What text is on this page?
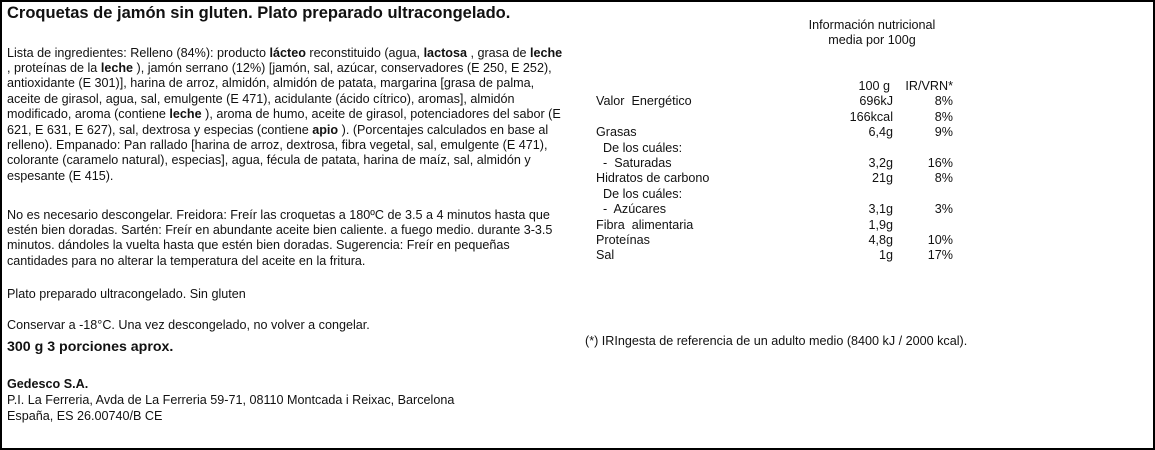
Croquetas de jamón sin gluten. Plato preparado ultracongelado.

Lista de ingredientes: Relleno (84%): producto lácteo reconstituido (agua, lactosa , grasa de leche , proteínas de la leche ), jamón serrano (12%) [jamón, sal, azúcar, conservadores (E 250, E 252), antioxidante (E 301)], harina de arroz, almidón, almidón de patata, margarina [grasa de palma, aceite de girasol, agua, sal, emulgente (E 471), acidulante (ácido cítrico), aromas], almidón modificado, aroma (contiene leche ), aroma de humo, aceite de girasol, potenciadores del sabor (E 621, E 631, E 627), sal, dextrosa y especias (contiene apio ). (Porcentajes calculados en base al relleno). Empanado: Pan rallado [harina de arroz, dextrosa, fibra vegetal, sal, emulgente (E 471), colorante (caramelo natural), especias], agua, fécula de patata, harina de maíz, sal, almidón y espesante (E 415).

No es necesario descongelar. Freidora: Freír las croquetas a 180ºC de 3.5 a 4 minutos hasta que estén bien doradas. Sartén: Freír en abundante aceite bien caliente. a fuego medio. durante 3-3.5 minutos. dándoles la vuelta hasta que estén bien doradas. Sugerencia: Freír en pequeñas cantidades para no alterar la temperatura del aceite en la fritura.

Plato preparado ultracongelado. Sin gluten

Conservar a -18°C. Una vez descongelado, no volver a congelar.

300 g 3 porciones aprox.
Gedesco S.A.
P.I. La Ferreria, Avda de La Ferreria 59-71, 08110 Montcada i Reixac, Barcelona
España, ES 26.00740/B CE
Información nutricional
media por 100g
100 g IR/VRN*
Valor  Energético	696kJ	8%
166kcal	8%
Grasas	6,4g	9%
De los cuáles:
-  Saturadas	3,2g	16%
Hidratos de carbono	21g	8%
De los cuáles:
-  Azúcares	3,1g	3%
Fibra  alimentaria	1,9g
Proteínas	4,8g	10%
Sal	1g	17%
(*) IRIngesta de referencia de un adulto medio (8400 kJ / 2000 kcal).
